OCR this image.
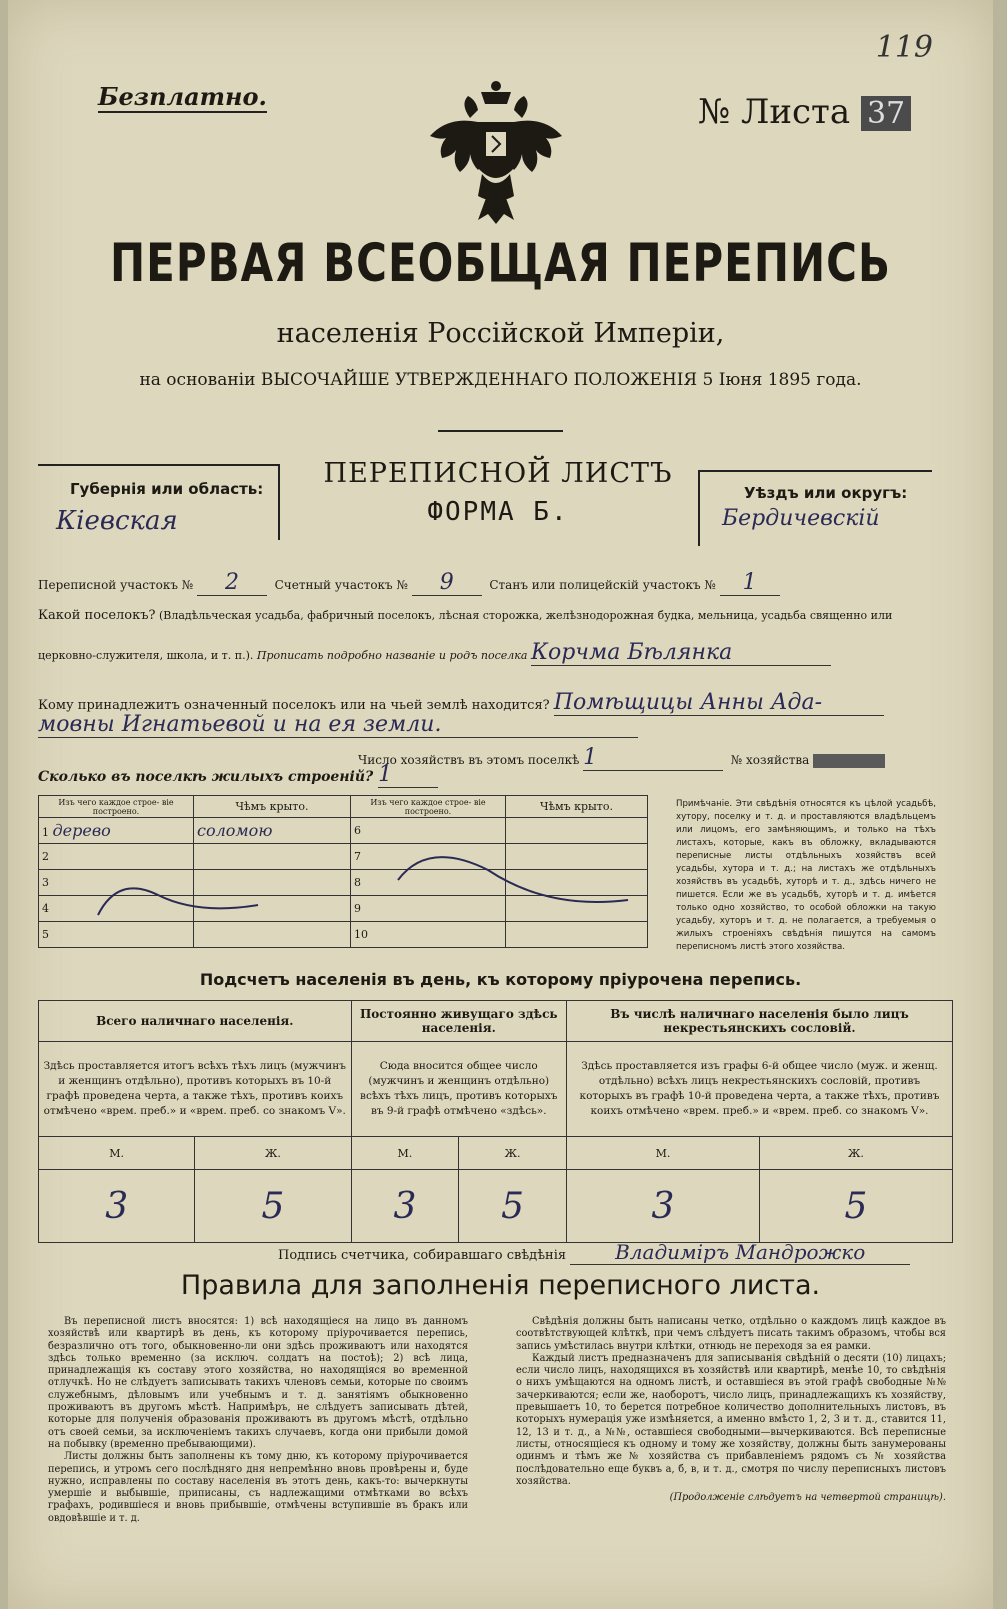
119
Безплатно.	№ Листа 37
ПЕРВАЯ ВСЕОБЩАЯ ПЕРЕПИСЬ
населенія Россійской Имперіи,
на основаніи ВЫСОЧАЙШЕ УТВЕРЖДЕННАГО ПОЛОЖЕНІЯ 5 Іюня 1895 года.
Губернія или область:
Кіевская
ПЕРЕПИСНОЙ ЛИСТЪ
ФОРМА Б.
Уѣздъ или округъ:
Бердичевскій
Переписной участокъ № 2	Счетный участокъ № 9	Станъ или полицейскій участокъ № 1
Какой поселокъ? (Владѣльческая усадьба, фабричный поселокъ, лѣсная сторожка, желѣзнодорожная будка, мельница, усадьба священно или
церковно-служителя, школа, и т. п.). Прописать подробно названіе и родъ поселка Корчма Бѣлянка
Кому принадлежитъ означенный поселокъ или на чьей землѣ находится? Помѣщицы Анны Ада-
мовны Игнатьевой и на ея земли.
Число хозяйствъ въ этомъ поселкѣ 1	№ хозяйства
Сколько въ поселкѣ жилыхъ строеній? 1
Изъ чего каждое строе- віе построено.	Чѣмъ крыто.	Изъ чего каждое строе- віе построено.	Чѣмъ крыто.
1 дерево	соломою	6	
2		7	
3		8	
4		9	
5		10	
Примѣчаніе. Эти свѣдѣнія относятся къ цѣлой усадьбѣ, хутору, поселку и т. д. и проставляются владѣльцемъ или лицомъ, его замѣняющимъ, и только на тѣхъ листахъ, которые, какъ въ обложку, вкладываются переписные листы отдѣльныхъ хозяйствъ всей усадьбы, хутора и т. д.; на листахъ же отдѣльныхъ хозяйствъ въ усадьбѣ, хуторѣ и т. д., здѣсь ничего не пишется. Если же въ усадьбѣ, хуторѣ и т. д. имѣется только одно хозяйство, то особой обложки на такую усадьбу, хуторъ и т. д. не полагается, а требуемыя о жилыхъ строеніяхъ свѣдѣнія пишутся на самомъ переписномъ листѣ этого хозяйства.
Подсчетъ населенія въ день, къ которому пріурочена перепись.
Всего наличнаго населенія.		Постоянно живущаго здѣсь населенія.		Въ числѣ наличнаго населенія было лицъ некрестьянскихъ сословій.	
Здѣсь проставляется итогъ всѣхъ тѣхъ лицъ (мужчинъ и женщинъ отдѣльно), противъ которыхъ въ 10-й графѣ проведена черта, а также тѣхъ, противъ коихъ отмѣчено «врем. преб.» и «врем. преб. со знакомъ V».		Сюда вносится общее число (мужчинъ и женщинъ отдѣльно) всѣхъ тѣхъ лицъ, противъ которыхъ въ 9-й графѣ отмѣчено «здѣсь».		Здѣсь проставляется изъ графы 6-й общее число (муж. и женщ. отдѣльно) всѣхъ лицъ некрестьянскихъ сословій, противъ которыхъ въ графѣ 10-й проведена черта, а также тѣхъ, противъ коихъ отмѣчено «врем. преб.» и «врем. преб. со знакомъ V».	
М.	Ж.	М.	Ж.	М.	Ж.
3	5	3	5	3	5
Подпись счетчика, собиравшаго свѣдѣнія Владиміръ Мандрожко
Правила для заполненія переписного листа.

Въ переписной листъ вносятся: 1) всѣ находящіеся на лицо въ данномъ хозяйствѣ или квартирѣ въ день, къ которому пріурочивается перепись, безразлично отъ того, обыкновенно-ли они здѣсь проживаютъ или находятся здѣсь только временно (за исключ. солдатъ на постоѣ); 2) всѣ лица, принадлежащія къ составу этого хозяйства, но находящіяся во временной отлучкѣ. Но не слѣдуетъ записывать такихъ членовъ семьи, которые по своимъ служебнымъ, дѣловымъ или учебнымъ и т. д. занятіямъ обыкновенно проживаютъ въ другомъ мѣстѣ. Напримѣръ, не слѣдуетъ записывать дѣтей, которые для полученія образованія проживаютъ въ другомъ мѣстѣ, отдѣльно отъ своей семьи, за исключеніемъ такихъ случаевъ, когда они прибыли домой на побывку (временно пребывающими).

Листы должны быть заполнены къ тому дню, къ которому пріурочивается перепись, и утромъ сего послѣдняго дня непремѣнно вновь провѣрены и, буде нужно, исправлены по составу населенія въ этотъ день, какъ-то: вычеркнуты умершіе и выбывшіе, приписаны, съ надлежащими отмѣтками во всѣхъ графахъ, родившіеся и вновь прибывшіе, отмѣчены вступившіе въ бракъ или овдовѣвшіе и т. д.

Свѣдѣнія должны быть написаны четко, отдѣльно о каждомъ лицѣ каждое въ соотвѣтствующей клѣткѣ, при чемъ слѣдуетъ писать такимъ образомъ, чтобы вся запись умѣстилась внутри клѣтки, отнюдь не переходя за ея рамки.

Каждый листъ предназначенъ для записыванія свѣдѣній о десяти (10) лицахъ; если число лицъ, находящихся въ хозяйствѣ или квартирѣ, менѣе 10, то свѣдѣнія о нихъ умѣщаются на одномъ листѣ, и оставшіеся въ этой графѣ свободные №№ зачеркиваются; если же, наоборотъ, число лицъ, принадлежащихъ къ хозяйству, превышаетъ 10, то берется потребное количество дополнительныхъ листовъ, въ которыхъ нумерація уже измѣняется, а именно вмѣсто 1, 2, 3 и т. д., ставится 11, 12, 13 и т. д., а №№, оставшіеся свободными—вычеркиваются. Всѣ переписные листы, относящіеся къ одному и тому же хозяйству, должны быть занумерованы одинмъ и тѣмъ же № хозяйства съ прибавленіемъ рядомъ съ № хозяйства послѣдовательно еще буквъ а, б, в, и т. д., смотря по числу переписныхъ листовъ хозяйства.

(Продолженіе слѣдуетъ на четвертой страницѣ).
